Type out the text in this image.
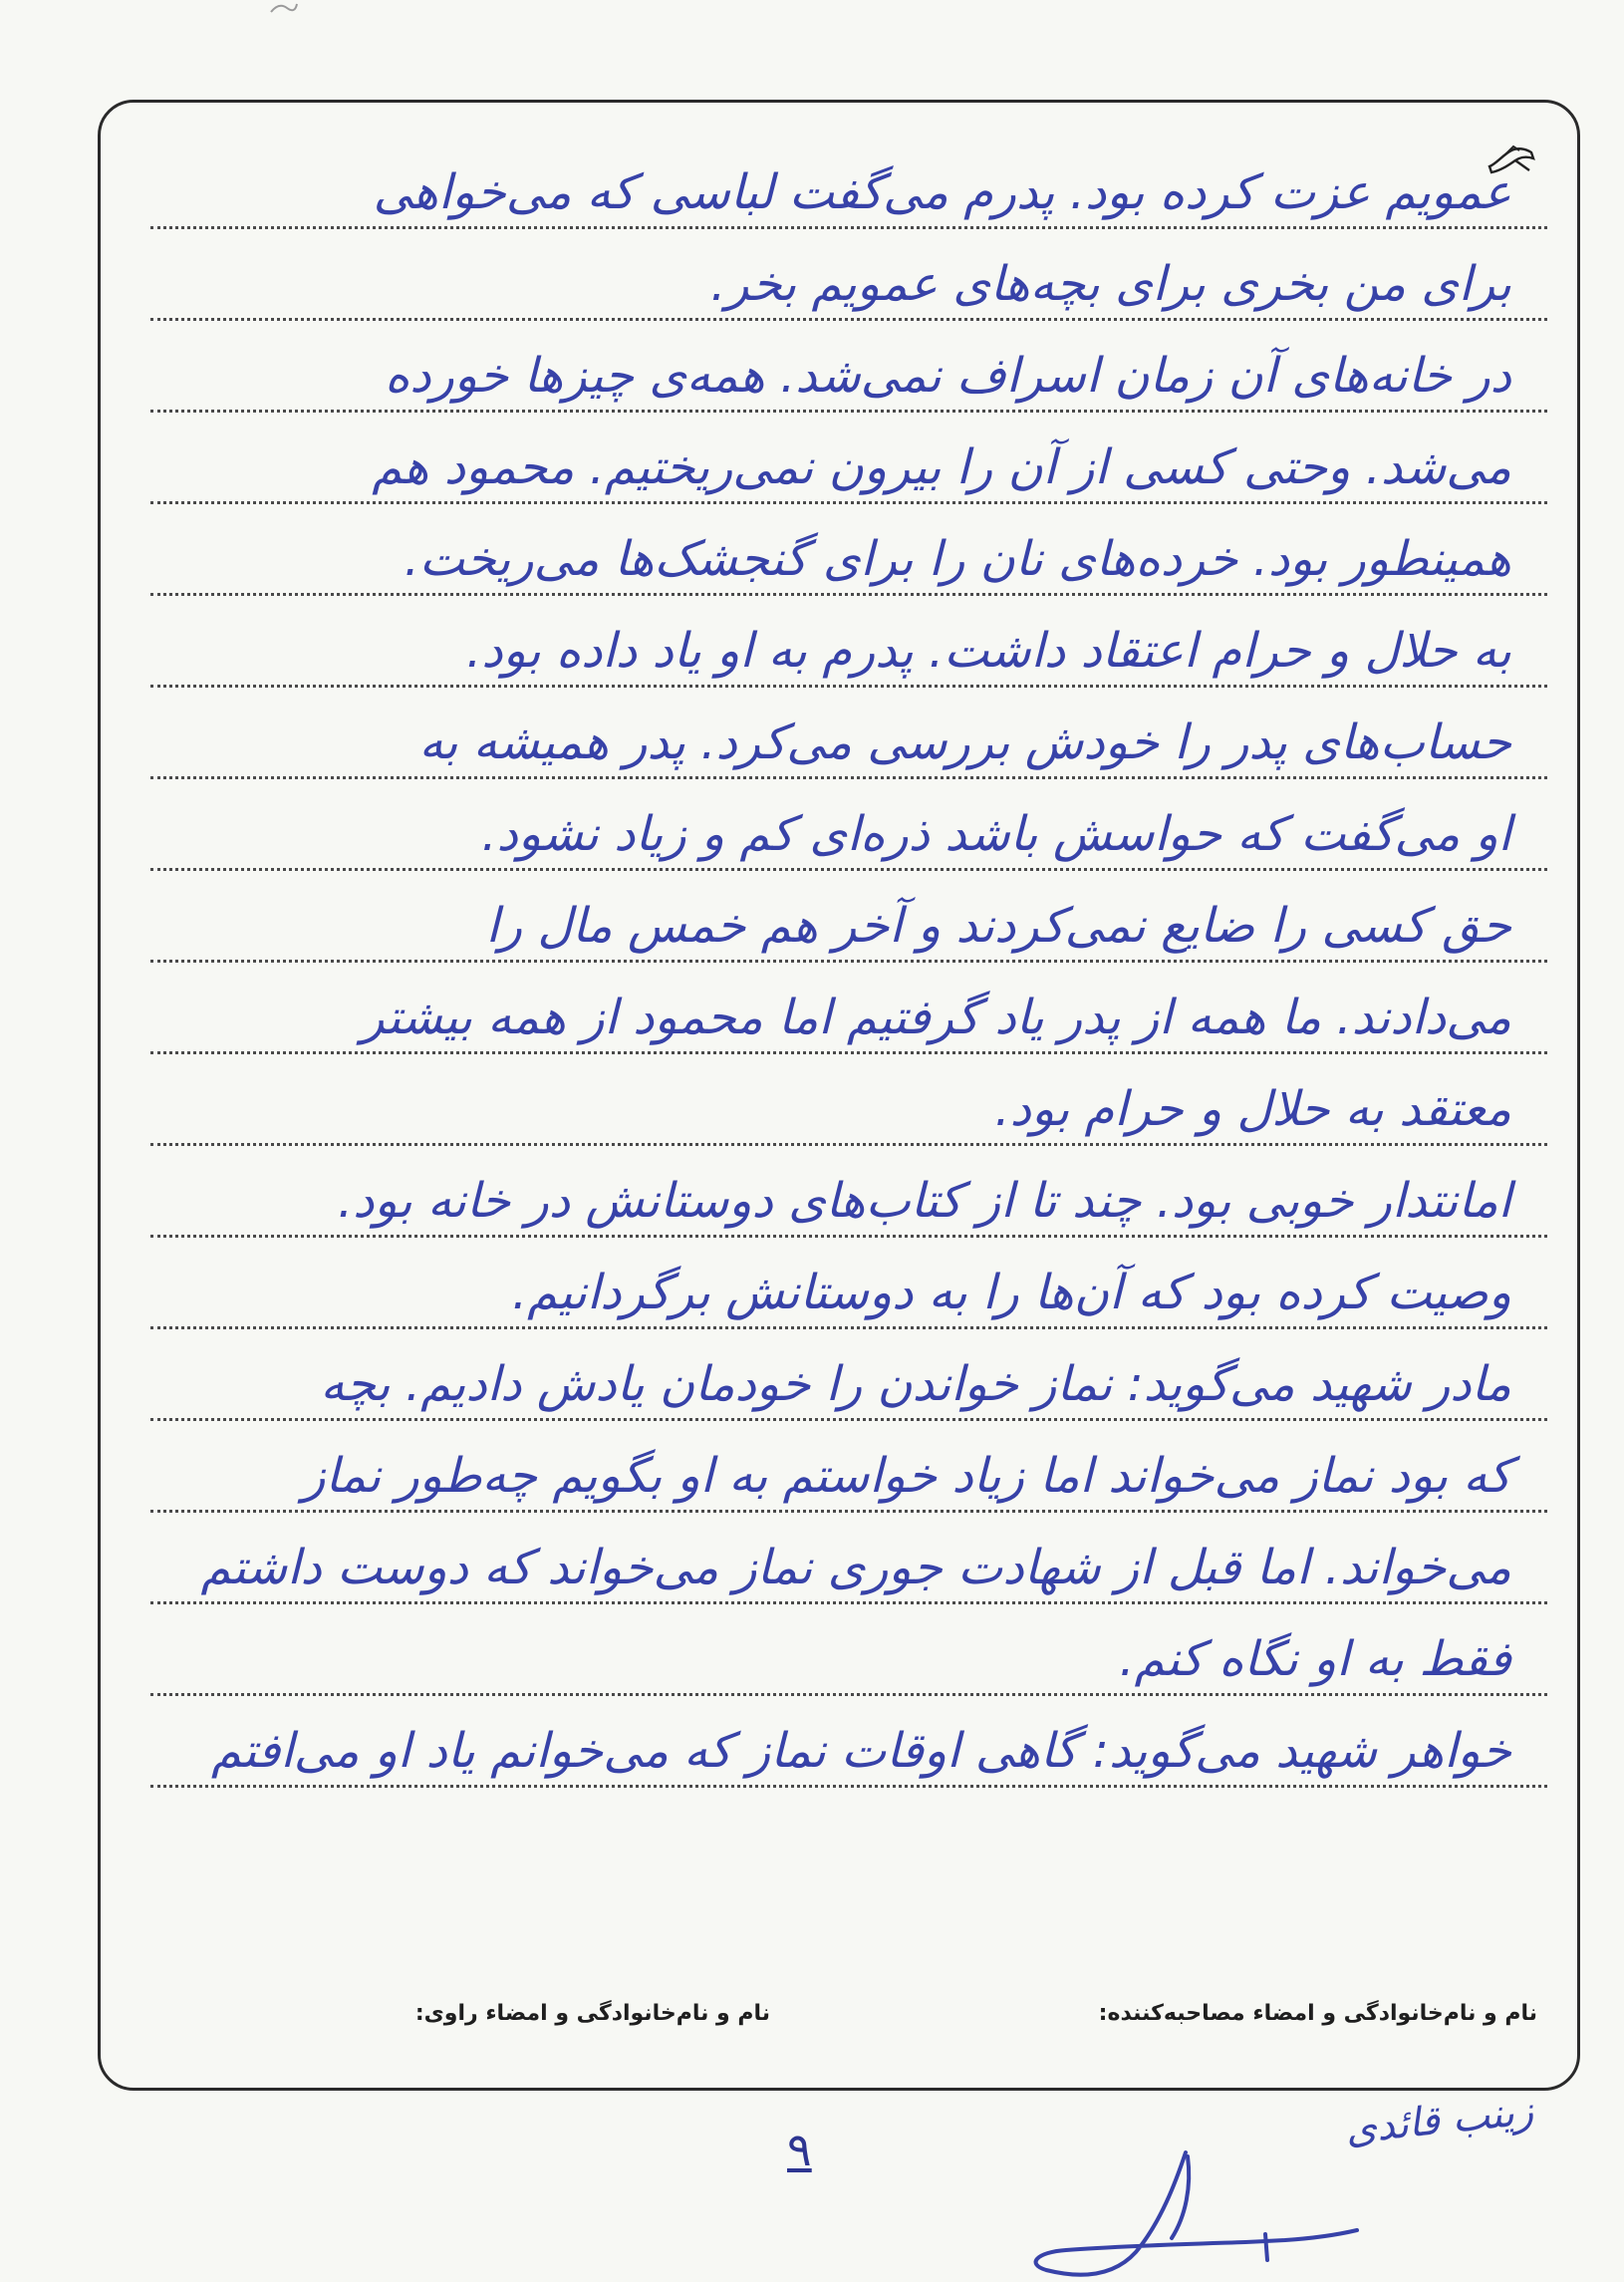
عمویم عزت کرده بود. پدرم می‌گفت لباسی که می‌خواهی
برای من بخری برای بچه‌های عمویم بخر.
در خانه‌های آن زمان اسراف نمی‌شد. همه‌ی چیزها خورده
می‌شد. وحتی کسی از آن را بیرون نمی‌ریختیم. محمود هم
همینطور بود. خرده‌های نان را برای گنجشک‌ها می‌ریخت.
به حلال و حرام اعتقاد داشت. پدرم به او یاد داده بود.
حساب‌های پدر را خودش بررسی می‌کرد. پدر همیشه به
او می‌گفت که حواسش باشد ذره‌ای کم و زیاد نشود.
حق کسی را ضایع نمی‌کردند و آخر هم خمس مال را
می‌دادند. ما همه از پدر یاد گرفتیم اما محمود از همه بیشتر
معتقد به حلال و حرام بود.
امانتدار خوبی بود. چند تا از کتاب‌های دوستانش در خانه بود.
وصیت کرده بود که آن‌ها را به دوستانش برگردانیم.
مادر شهید می‌گوید: نماز خواندن را خودمان یادش دادیم. بچه
که بود نماز می‌خواند اما زیاد خواستم به او بگویم چه‌طور نماز
می‌خواند. اما قبل از شهادت جوری نماز می‌خواند که دوست داشتم
فقط به او نگاه کنم.
خواهر شهید می‌گوید: گاهی اوقات نماز که می‌خوانم یاد او می‌افتم
نام و نام‌خانوادگی و امضاء مصاحبه‌کننده:
نام و نام‌خانوادگی و امضاء راوی:
۹	زینب قائدی
